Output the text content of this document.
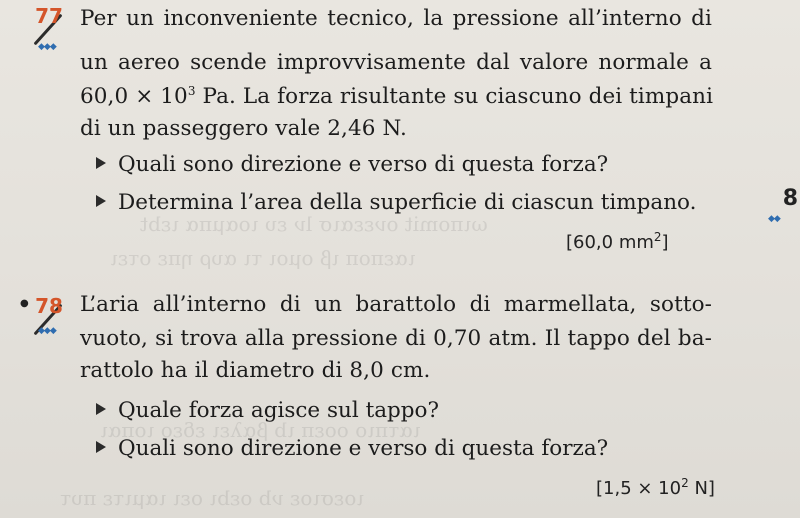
ωιποmit ονεεαισ lν ευ ιοαμπα ιεbt
ιαεποπ ιβ ομοι τι αυρ ηπε οτει
ιατπιο οοεπ ιb βαλει εδεο ιοπαι
ιοεσιοε νb οεbι οει ιαμιτε πυτ
77
◆◆◆
Per un inconveniente tecnico, la pressione all’interno di
un aereo scende improvvisamente dal valore normale a
$60,0 \times 10^3$ Pa. La forza risultante su ciascuno dei timpani
di un passeggero vale 2,46 N.
Quali sono direzione e verso di questa forza?
Determina l’area della superficie di ciascun timpano.
[60,0 $mm^2$]
8
◆◆
● 78
◆◆◆
L’aria all’interno di un barattolo di marmellata, sotto-
vuoto, si trova alla pressione di 0,70 atm. Il tappo del ba-
rattolo ha il diametro di 8,0 cm.
Quale forza agisce sul tappo?
Quali sono direzione e verso di questa forza?
[$1,5 \times 10^2$ N]
